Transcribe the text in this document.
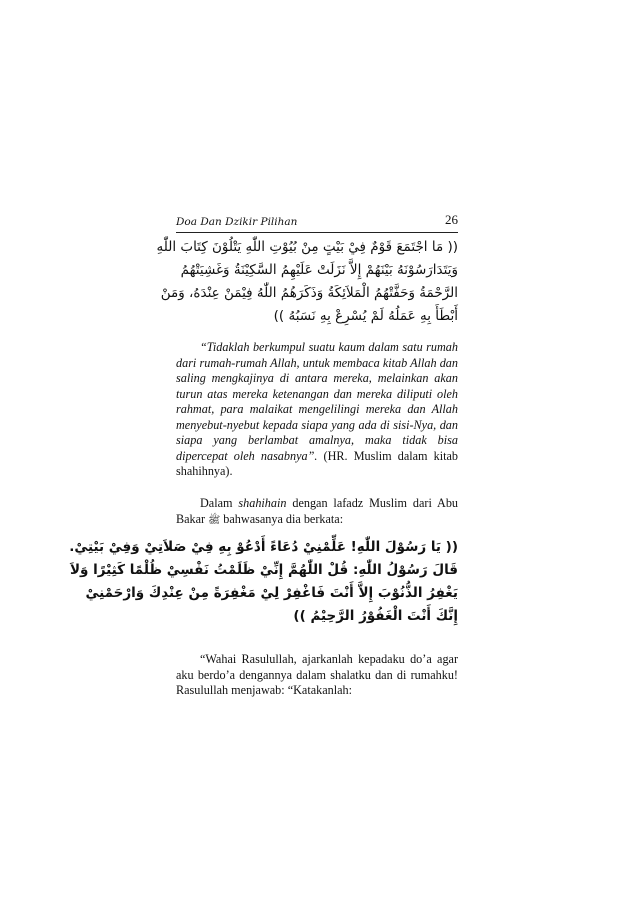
Doa Dan Dzikir Pilihan	26
(( مَا اجْتَمَعَ قَوْمٌ فِيْ بَيْتٍ مِنْ بُيُوْتِ اللّٰهِ يَتْلُوْنَ كِتَابَ اللّٰهِ
وَيَتَدَارَسُوْنَهُ بَيْنَهُمْ إِلاَّ نَزَلَتْ عَلَيْهِمُ السَّكِيْنَةُ وَغَشِيَتْهُمُ
الرَّحْمَةُ وَحَفَّتْهُمُ الْمَلاَئِكَةُ وَذَكَرَهُمُ اللّٰهُ فِيْمَنْ عِنْدَهُ، وَمَنْ
أَبْطَأَ بِهِ عَمَلُهُ لَمْ يُسْرِعْ بِهِ نَسَبُهُ ))

“Tidaklah berkumpul suatu kaum dalam satu rumah dari rumah-rumah Allah, untuk membaca kitab Allah dan saling mengkajinya di antara mereka, melainkan akan turun atas mereka ketenangan dan mereka diliputi oleh rahmat, para malaikat mengelilingi mereka dan Allah menyebut-nyebut kepada siapa yang ada di sisi-Nya, dan siapa yang berlambat amalnya, maka tidak bisa dipercepat oleh nasabnya”. (HR. Muslim dalam kitab shahihnya).

Dalam shahihain dengan lafadz Muslim dari Abu Bakar ﷺ bahwasanya dia berkata:

(( يَا رَسُوْلَ اللّٰهِ! عَلِّمْنِيْ دُعَاءً أَدْعُوْ بِهِ فِيْ صَلاَتِيْ وَفِيْ بَيْتِيْ.
قَالَ رَسُوْلُ اللّٰهِ: قُلْ اللّٰهُمَّ إِنِّيْ ظَلَمْتُ نَفْسِيْ ظُلْمًا كَثِيْرًا وَلاَ
يَغْفِرُ الذُّنُوْبَ إِلاَّ أَنْتَ فَاغْفِرْ لِيْ مَغْفِرَةً مِنْ عِنْدِكَ وَارْحَمْنِيْ
إِنَّكَ أَنْتَ الْغَفُوْرُ الرَّحِيْمُ ))

“Wahai Rasulullah, ajarkanlah kepadaku do’a agar aku berdo’a dengannya dalam shalatku dan di rumahku! Rasulullah menjawab: “Katakanlah:
